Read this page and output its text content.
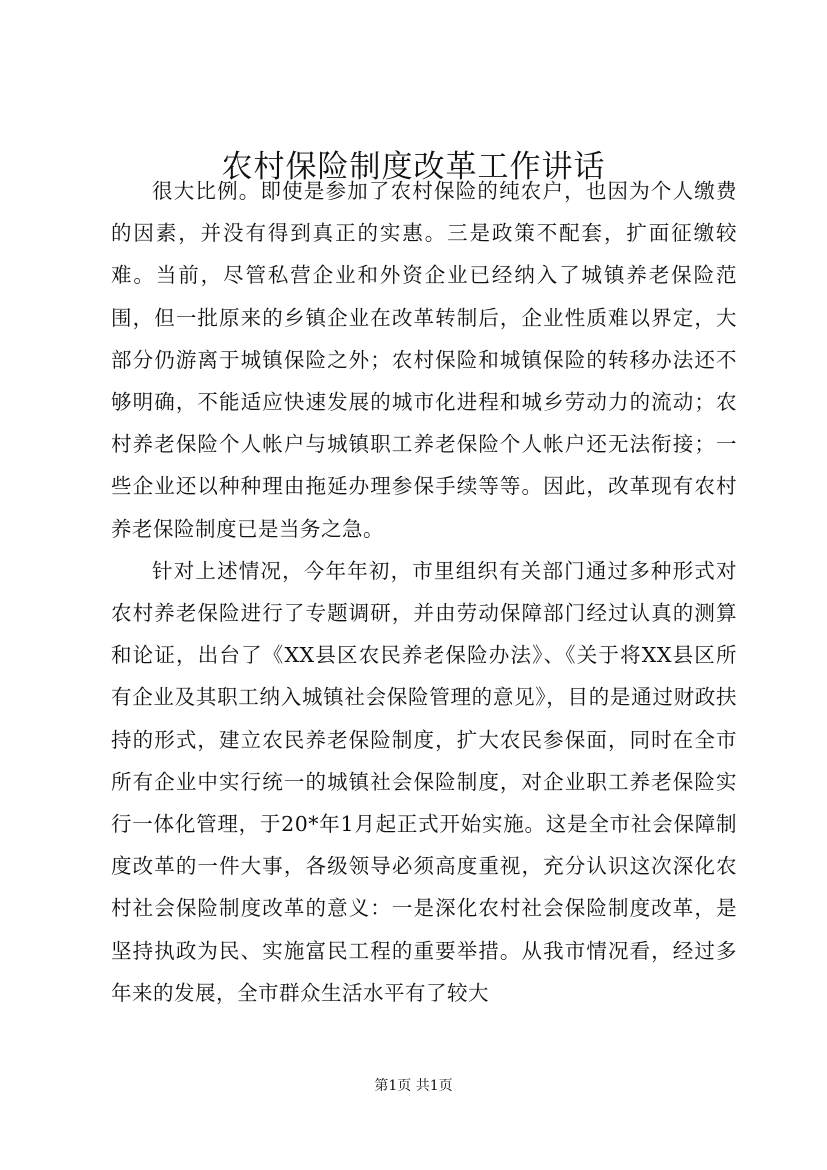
农村保险制度改革工作讲话

很大比例。即使是参加了农村保险的纯农户，也因为个人缴费的因素，并没有得到真正的实惠。三是政策不配套，扩面征缴较难。当前，尽管私营企业和外资企业已经纳入了城镇养老保险范围，但一批原来的乡镇企业在改革转制后，企业性质难以界定，大部分仍游离于城镇保险之外；农村保险和城镇保险的转移办法还不够明确，不能适应快速发展的城市化进程和城乡劳动力的流动；农村养老保险个人帐户与城镇职工养老保险个人帐户还无法衔接；一些企业还以种种理由拖延办理参保手续等等。因此，改革现有农村养老保险制度已是当务之急。

针对上述情况，今年年初，市里组织有关部门通过多种形式对农村养老保险进行了专题调研，并由劳动保障部门经过认真的测算和论证，出台了《XX县区农民养老保险办法》、《关于将XX县区所有企业及其职工纳入城镇社会保险管理的意见》，目的是通过财政扶持的形式，建立农民养老保险制度，扩大农民参保面，同时在全市所有企业中实行统一的城镇社会保险制度，对企业职工养老保险实行一体化管理，于20*年1月起正式开始实施。这是全市社会保障制度改革的一件大事，各级领导必须高度重视，充分认识这次深化农村社会保险制度改革的意义：一是深化农村社会保险制度改革，是坚持执政为民、实施富民工程的重要举措。从我市情况看，经过多年来的发展，全市群众生活水平有了较大

第1页 共1页
